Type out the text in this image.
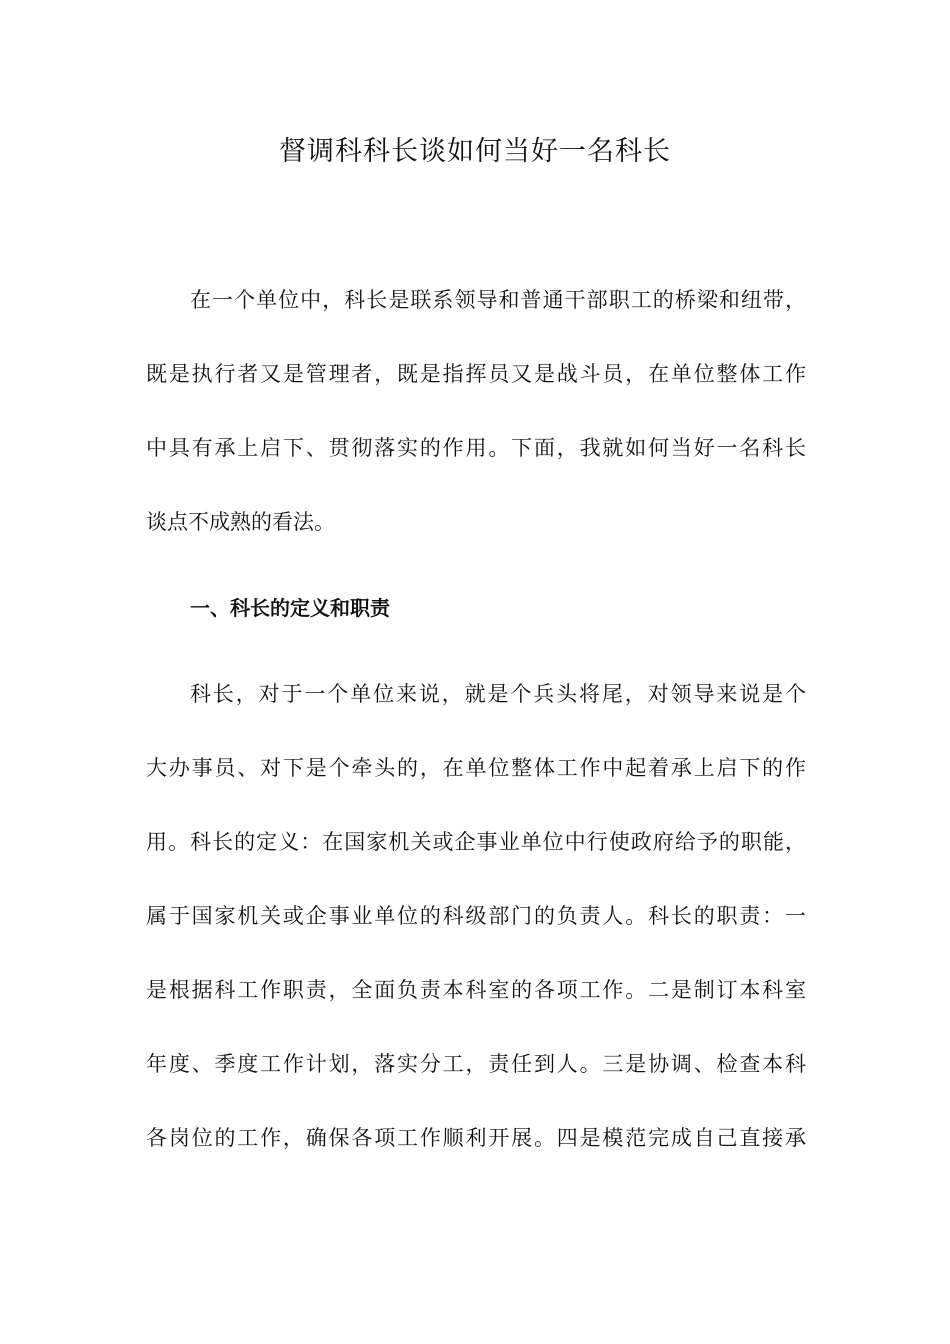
督调科科长谈如何当好一名科长

在一个单位中，科长是联系领导和普通干部职工的桥梁和纽带，

既是执行者又是管理者，既是指挥员又是战斗员，在单位整体工作

中具有承上启下、贯彻落实的作用。下面，我就如何当好一名科长

谈点不成熟的看法。

一、科长的定义和职责

科长，对于一个单位来说，就是个兵头将尾，对领导来说是个

大办事员、对下是个牵头的，在单位整体工作中起着承上启下的作

用。科长的定义：在国家机关或企事业单位中行使政府给予的职能，

属于国家机关或企事业单位的科级部门的负责人。科长的职责：一

是根据科工作职责，全面负责本科室的各项工作。二是制订本科室

年度、季度工作计划，落实分工，责任到人。三是协调、检查本科

各岗位的工作，确保各项工作顺利开展。四是模范完成自己直接承
